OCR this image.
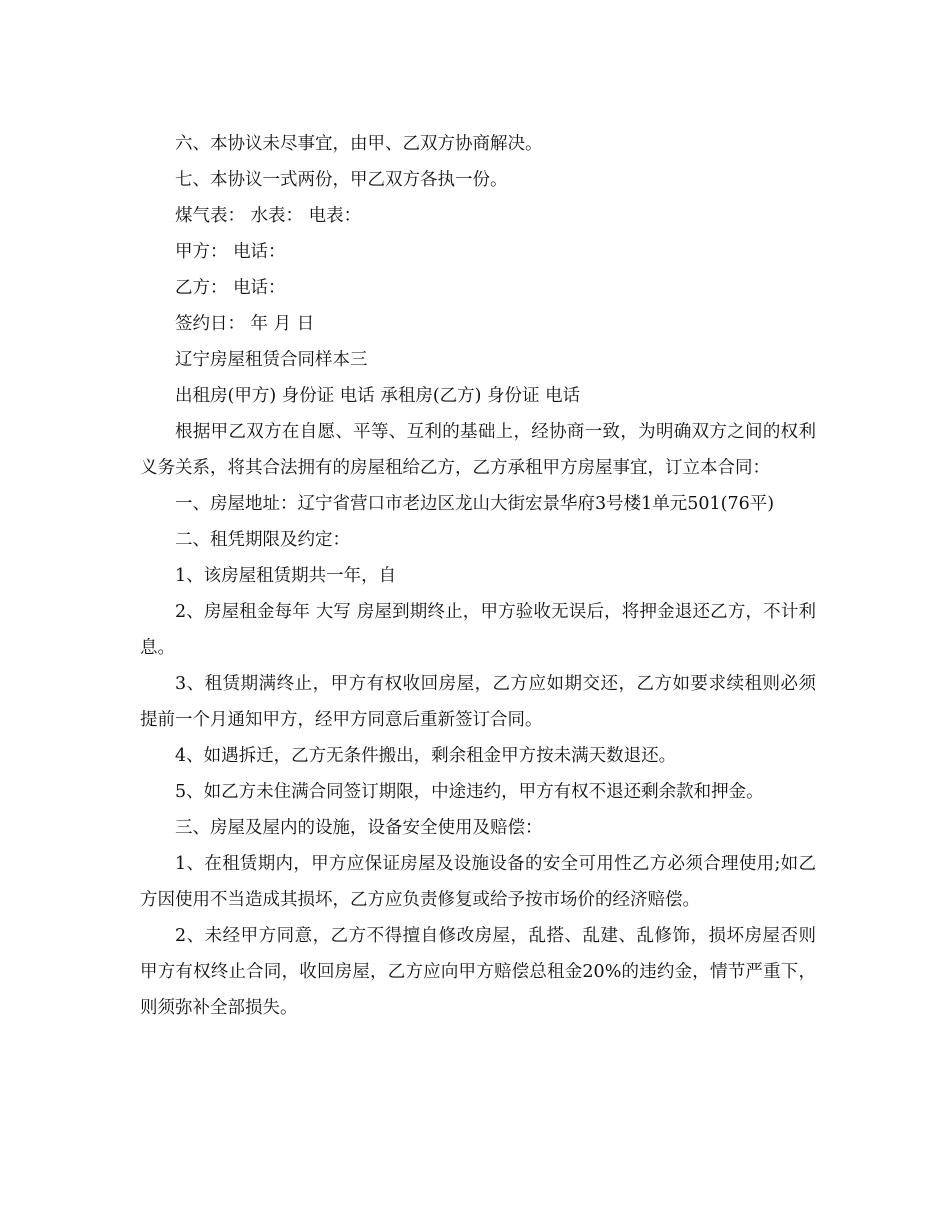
六、本协议未尽事宜，由甲、乙双方协商解决。

七、本协议一式两份，甲乙双方各执一份。

煤气表： 水表： 电表：

甲方： 电话：

乙方： 电话：

签约日： 年 月 日

辽宁房屋租赁合同样本三

出租房(甲方) 身份证 电话 承租房(乙方) 身份证 电话

根据甲乙双方在自愿、平等、互利的基础上，经协商一致，为明确双方之间的权利义务关系，将其合法拥有的房屋租给乙方，乙方承租甲方房屋事宜，订立本合同：

一、房屋地址：辽宁省营口市老边区龙山大街宏景华府3号楼1单元501(76平)

二、租凭期限及约定：

1、该房屋租赁期共一年，自

2、房屋租金每年 大写 房屋到期终止，甲方验收无误后，将押金退还乙方，不计利息。

3、租赁期满终止，甲方有权收回房屋，乙方应如期交还，乙方如要求续租则必须提前一个月通知甲方，经甲方同意后重新签订合同。

4、如遇拆迁，乙方无条件搬出，剩余租金甲方按未满天数退还。

5、如乙方未住满合同签订期限，中途违约，甲方有权不退还剩余款和押金。

三、房屋及屋内的设施，设备安全使用及赔偿：

1、在租赁期内，甲方应保证房屋及设施设备的安全可用性乙方必须合理使用;如乙方因使用不当造成其损坏，乙方应负责修复或给予按市场价的经济赔偿。

2、未经甲方同意，乙方不得擅自修改房屋，乱搭、乱建、乱修饰，损坏房屋否则甲方有权终止合同，收回房屋，乙方应向甲方赔偿总租金20%的违约金，情节严重下，则须弥补全部损失。
